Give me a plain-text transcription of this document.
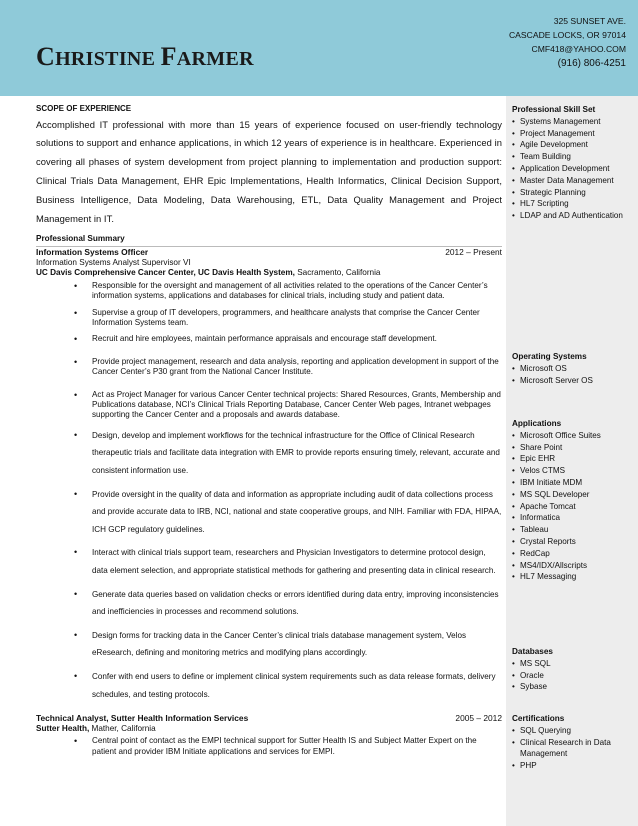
CHRISTINE FARMER
325 SUNSET AVE.
CASCADE LOCKS, OR 97014
CMF418@YAHOO.COM
(916) 806-4251
SCOPE OF EXPERIENCE
Accomplished IT professional with more than 15 years of experience focused on user-friendly technology solutions to support and enhance applications, in which 12 years of experience is in healthcare. Experienced in covering all phases of system development from project planning to implementation and production support: Clinical Trials Data Management, EHR Epic Implementations, Health Informatics, Clinical Decision Support, Business Intelligence, Data Modeling, Data Warehousing, ETL, Data Quality Management and Project Management in IT.
Professional Summary
Information Systems Officer	2012 – Present
Information Systems Analyst Supervisor VI
UC Davis Comprehensive Cancer Center, UC Davis Health System, Sacramento, California
• Responsible for the oversight and management of all activities related to the operations of the Cancer Center’s information systems, applications and databases for clinical trials, including study and patient data.
• Supervise a group of IT developers, programmers, and healthcare analysts that comprise the Cancer Center Information Systems team.
• Recruit and hire employees, maintain performance appraisals and encourage staff development.
• Provide project management, research and data analysis, reporting and application development in support of the Cancer Center’s P30 grant from the National Cancer Institute.
• Act as Project Manager for various Cancer Center technical projects: Shared Resources, Grants, Membership and Publications database, NCI’s Clinical Trials Reporting Database, Cancer Center Web pages, Intranet webpages supporting the Cancer Center and a proposals and awards database.
• Design, develop and implement workflows for the technical infrastructure for the Office of Clinical Research therapeutic trials and facilitate data integration with EMR to provide reports ensuring timely, relevant, accurate and consistent information use.
• Provide oversight in the quality of data and information as appropriate including audit of data collections process and provide accurate data to IRB, NCI, national and state cooperative groups, and NIH. Familiar with FDA, HIPAA, ICH GCP regulatory guidelines.
• Interact with clinical trials support team, researchers and Physician Investigators to determine protocol design, data element selection, and appropriate statistical methods for gathering and presenting data in clinical research.
• Generate data queries based on validation checks or errors identified during data entry, improving inconsistencies and inefficiencies in processes and recommend solutions.
• Design forms for tracking data in the Cancer Center’s clinical trials database management system, Velos eResearch, defining and monitoring metrics and modifying plans accordingly.
• Confer with end users to define or implement clinical system requirements such as data release formats, delivery schedules, and testing protocols.
Technical Analyst, Sutter Health Information Services	2005 – 2012
Sutter Health, Mather, California
• Central point of contact as the EMPI technical support for Sutter Health IS and Subject Matter Expert on the patient and provider IBM Initiate applications and services for EMPI.
Professional Skill Set
• Systems Management
• Project Management
• Agile Development
• Team Building
• Application Development
• Master Data Management
• Strategic Planning
• HL7 Scripting
• LDAP and AD Authentication
Operating Systems
• Microsoft OS
• Microsoft Server OS
Applications
• Microsoft Office Suites
• Share Point
• Epic EHR
• Velos CTMS
• IBM Initiate MDM
• MS SQL Developer
• Apache Tomcat
• Informatica
• Tableau
• Crystal Reports
• RedCap
• MS4/IDX/Allscripts
• HL7 Messaging
Databases
• MS SQL
• Oracle
• Sybase
Certifications
• SQL Querying
• Clinical Research in Data Management
• PHP
